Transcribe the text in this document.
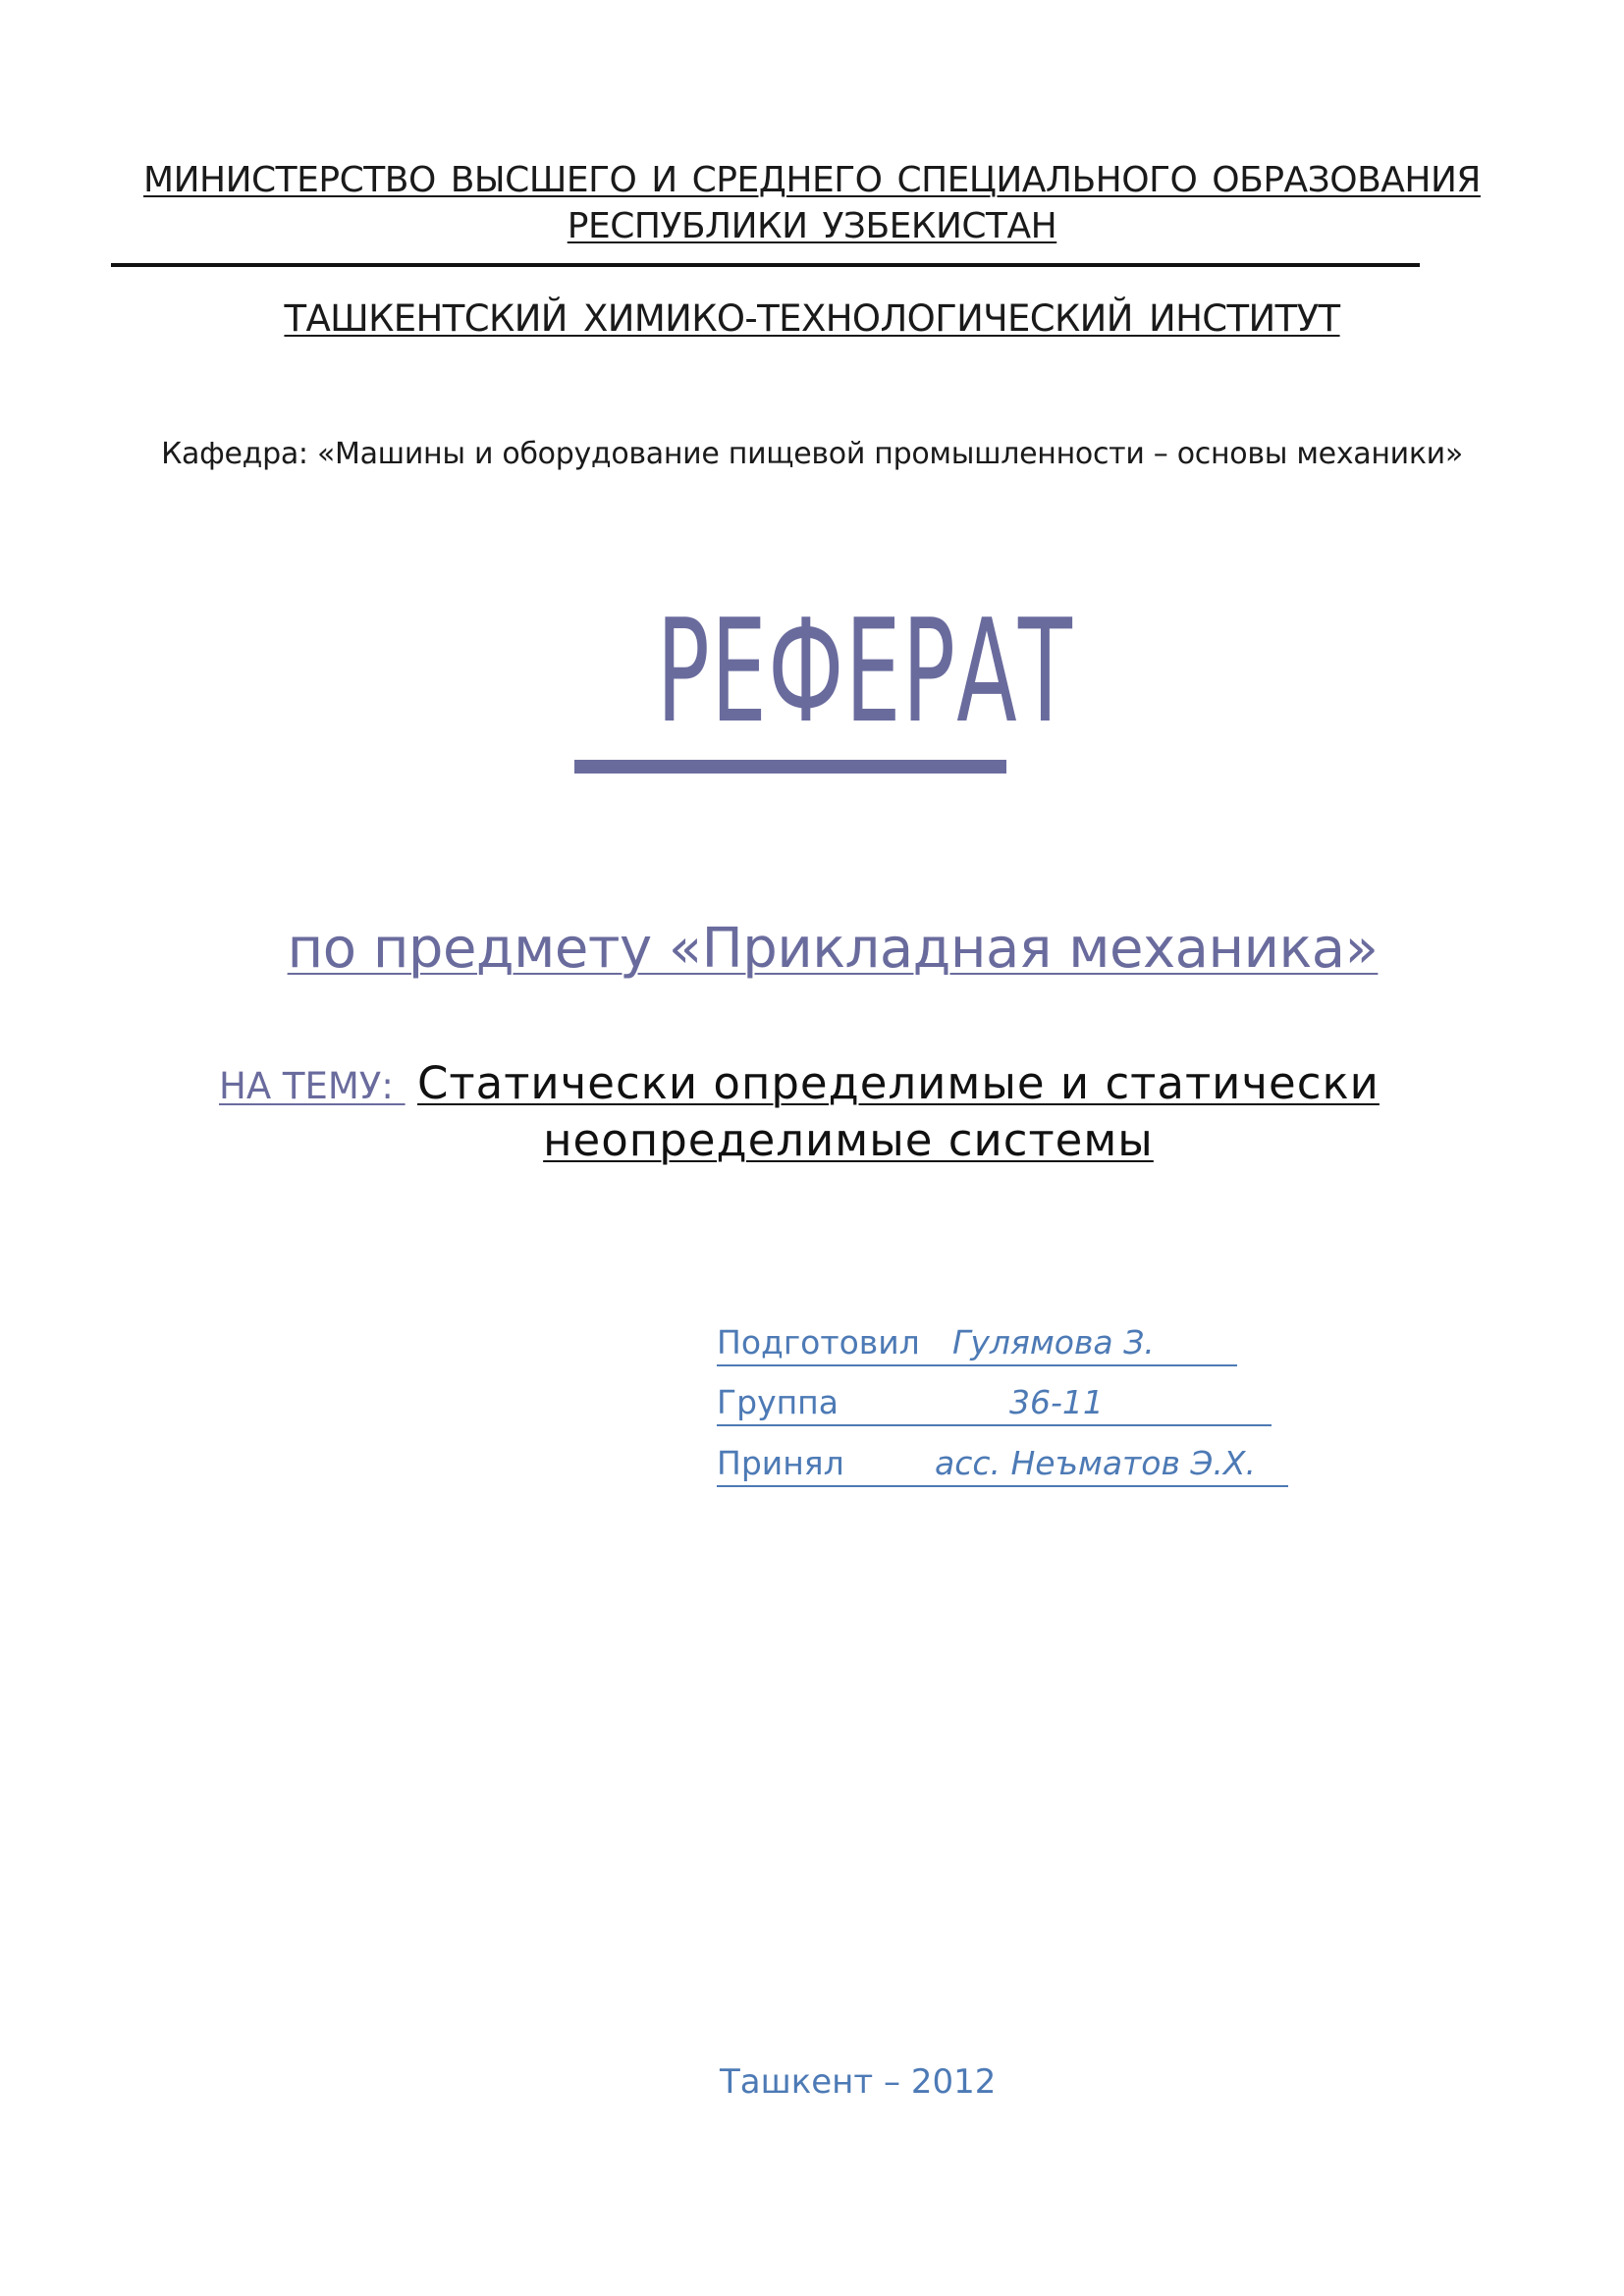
МИНИСТЕРСТВО ВЫСШЕГО И СРЕДНЕГО СПЕЦИАЛЬНОГО ОБРАЗОВАНИЯ
РЕСПУБЛИКИ УЗБЕКИСТАН
ТАШКЕНТСКИЙ ХИМИКО-ТЕХНОЛОГИЧЕСКИЙ ИНСТИТУТ
Кафедра: «Машины и оборудование пищевой промышленности – основы механики»
РЕФЕРАТ
по предмету «Прикладная механика»
НА ТЕМУ: Статически определимые и статически
неопределимые системы
Подготовил Гулямова З.
Группа	36-11
Принял	асс. Неъматов Э.Х.
Ташкент – 2012
